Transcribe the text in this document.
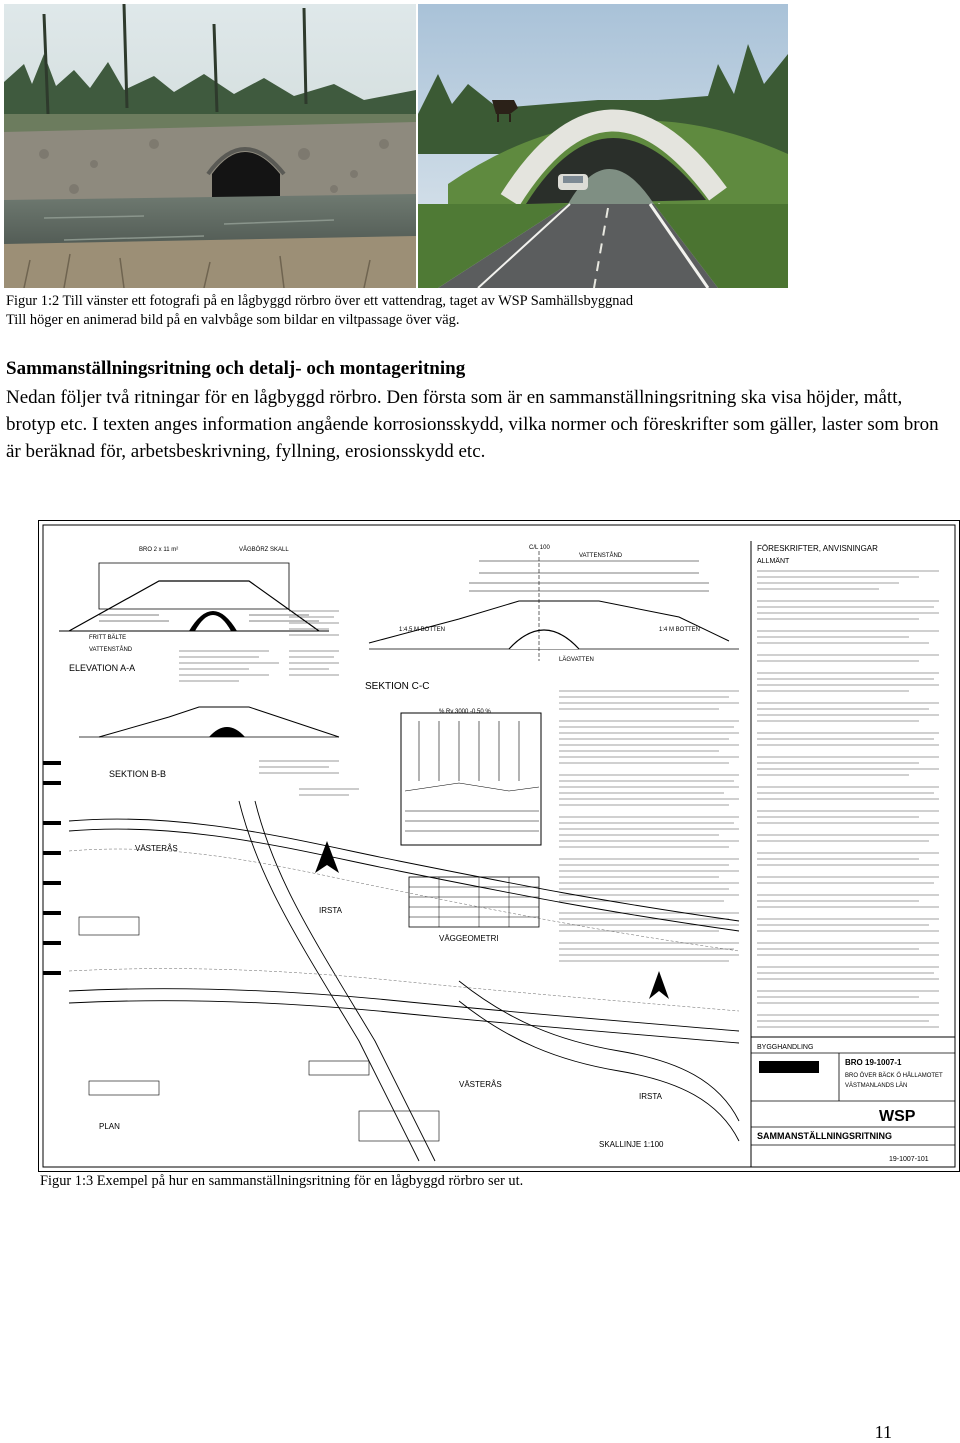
Figur 1:2 Till vänster ett fotografi på en lågbyggd rörbro över ett vattendrag, taget av WSP Samhällsbyggnad
Till höger en animerad bild på en valvbåge som bildar en viltpassage över väg.
Sammanställningsritning och detalj- och montageritning
Nedan följer två ritningar för en lågbyggd rörbro. Den första som är en sammanställningsritning ska visa höjder, mått, brotyp etc. I texten anges information angående korrosionsskydd, vilka normer och föreskrifter som gäller, laster som bron är beräknad för, arbetsbeskrivning, fyllning, erosionsskydd etc.
VÅGBÖRZ SKALL
BRO 2 x 11 m²
FRITT BÄLTE
VATTENSTÅND
ELEVATION A-A
SEKTION C-C
C/L 100
VATTENSTÅND
1:4,5 M BOTTEN	1:4 M BOTTEN
LÄGVATTEN
SEKTION B-B
% Rv 3000 -0.50 %
VÄGGEOMETRI
VÄSTERÅS
IRSTA
VÄSTERÅS
IRSTA
PLAN
SKALLINJE 1:100
FÖRESKRIFTER, ANVISNINGAR
ALLMÄNT
BYGGHANDLING
BRO 19-1007-1
BRO ÖVER BÄCK Ö HÅLLAMOTET
VÄSTMANLANDS LÄN
WSP
SAMMANSTÄLLNINGSRITNING
19-1007-101
Figur 1:3 Exempel på hur en sammanställningsritning för en lågbyggd rörbro ser ut.
11
